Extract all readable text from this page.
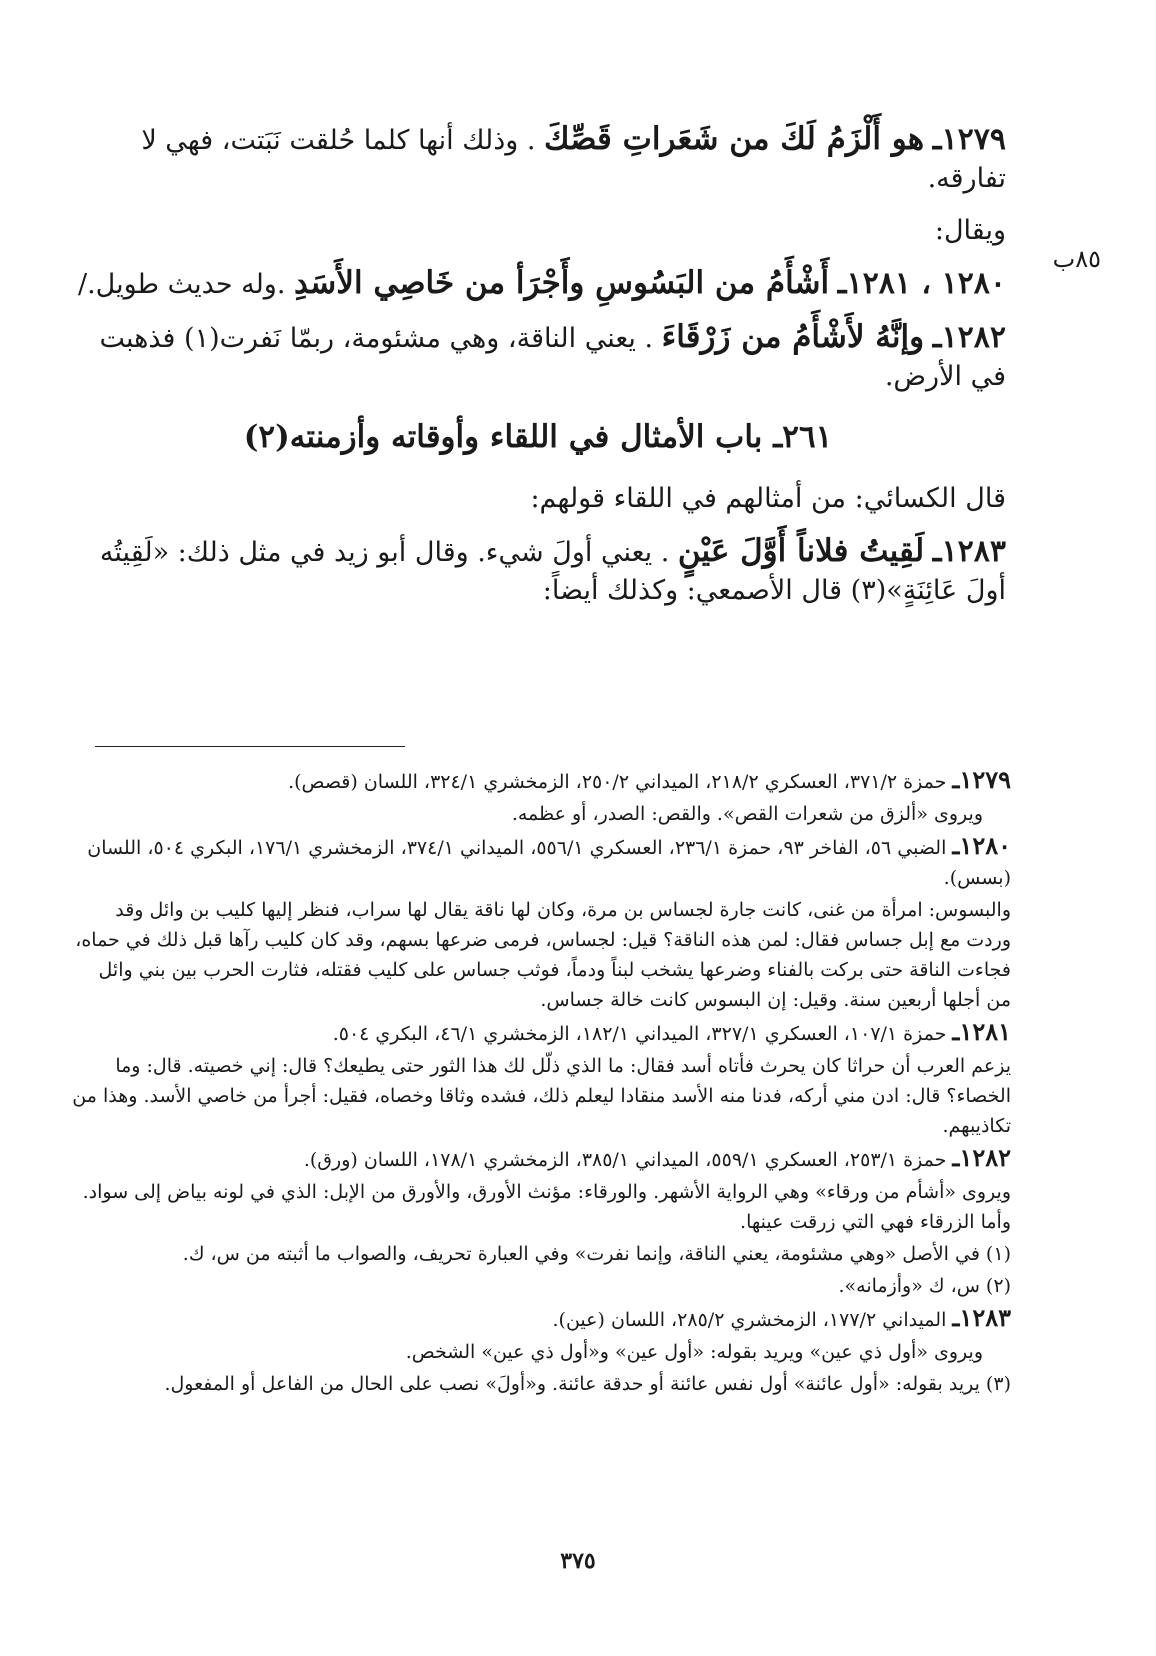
٨٥ب

١٢٧٩ـ هو أَلْزَمُ لَكَ من شَعَراتِ قَصِّكَ . وذلك أنها كلما حُلقت نَبَتت، فهي لا تفارقه.

ويقال:

١٢٨٠ ، ١٢٨١ـ أَشْأَمُ من البَسُوسِ وأَجْرَأ من خَاصِي الأَسَدِ .وله حديث طويل./

١٢٨٢ـ وإنَّهُ لأَشْأَمُ من زَرْقَاءَ . يعني الناقة، وهي مشئومة، ربمّا نَفرت(١) فذهبت في الأرض.

٢٦١ـ باب الأمثال في اللقاء وأوقاته وأزمنته(٢)

قال الكسائي: من أمثالهم في اللقاء قولهم:

١٢٨٣ـ لَقِيتُ فلاناً أَوَّلَ عَيْنٍ . يعني أولَ شيء. وقال أبو زيد في مثل ذلك: «لَقِيتُه أولَ عَائِنَةٍ»(٣) قال الأصمعي: وكذلك أيضاً:

١٢٧٩ـ حمزة ٣٧١/٢، العسكري ٢١٨/٢، الميداني ٢٥٠/٢، الزمخشري ٣٢٤/١، اللسان (قصص).

ويروى «ألزق من شعرات القص». والقص: الصدر، أو عظمه.

١٢٨٠ـ الضبي ٥٦، الفاخر ٩٣، حمزة ٢٣٦/١، العسكري ٥٥٦/١، الميداني ٣٧٤/١، الزمخشري ١٧٦/١، البكري ٥٠٤، اللسان (بسس).

والبسوس: امرأة من غنى، كانت جارة لجساس بن مرة، وكان لها ناقة يقال لها سراب، فنظر إليها كليب بن وائل وقد وردت مع إبل جساس فقال: لمن هذه الناقة؟ قيل: لجساس، فرمى ضرعها بسهم، وقد كان كليب رآها قبل ذلك في حماه، فجاءت الناقة حتى بركت بالفناء وضرعها يشخب لبناً ودماً، فوثب جساس على كليب فقتله، فثارت الحرب بين بني وائل من أجلها أربعين سنة. وقيل: إن البسوس كانت خالة جساس.

١٢٨١ـ حمزة ١٠٧/١، العسكري ٣٢٧/١، الميداني ١٨٢/١، الزمخشري ٤٦/١، البكري ٥٠٤.

يزعم العرب أن حراثا كان يحرث فأتاه أسد فقال: ما الذي ذلّل لك هذا الثور حتى يطيعك؟ قال: إني خصيته. قال: وما الخصاء؟ قال: ادن مني أركه، فدنا منه الأسد منقادا ليعلم ذلك، فشده وثاقا وخصاه، فقيل: أجرأ من خاصي الأسد. وهذا من تكاذيبهم.

١٢٨٢ـ حمزة ٢٥٣/١، العسكري ٥٥٩/١، الميداني ٣٨٥/١، الزمخشري ١٧٨/١، اللسان (ورق).

ويروى «أشأم من ورقاء» وهي الرواية الأشهر. والورقاء: مؤنث الأورق، والأورق من الإبل: الذي في لونه بياض إلى سواد. وأما الزرقاء فهي التي زرقت عينها.

(١) في الأصل «وهي مشئومة، يعني الناقة، وإنما نفرت» وفي العبارة تحريف، والصواب ما أثبته من س، ك.

(٢) س، ك «وأزمانه».

١٢٨٣ـ الميداني ١٧٧/٢، الزمخشري ٢٨٥/٢، اللسان (عين).

ويروى «أول ذي عين» ويريد بقوله: «أول عين» و«أول ذي عين» الشخص.

(٣) يريد بقوله: «أول عائنة» أول نفس عائنة أو حدقة عائنة. و«أولَ» نصب على الحال من الفاعل أو المفعول.

٣٧٥
